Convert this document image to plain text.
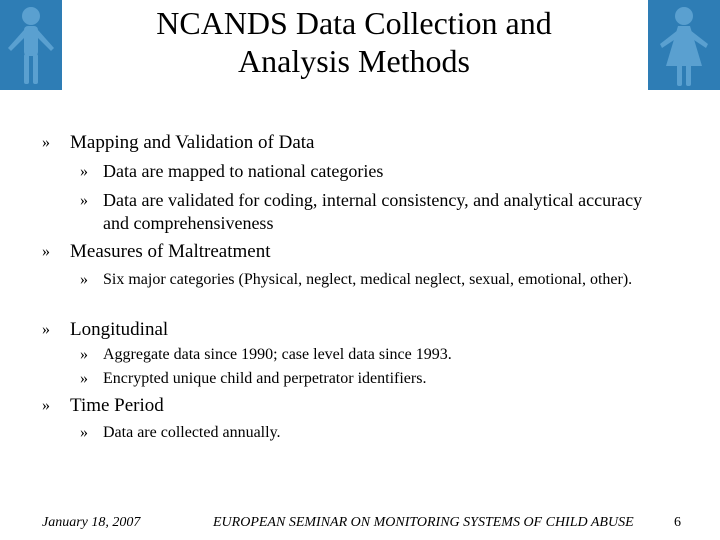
NCANDS Data Collection and
Analysis Methods
» Mapping and Validation of Data
» Data are mapped to national categories
» Data are validated for coding, internal consistency, and analytical accuracy and comprehensiveness
» Measures of Maltreatment
» Six major categories (Physical, neglect, medical neglect, sexual, emotional, other).
» Longitudinal
» Aggregate data since 1990; case level data since 1993.
» Encrypted unique child and perpetrator identifiers.
» Time Period
» Data are collected annually.
January 18, 2007	EUROPEAN SEMINAR ON MONITORING SYSTEMS OF CHILD ABUSE	6
